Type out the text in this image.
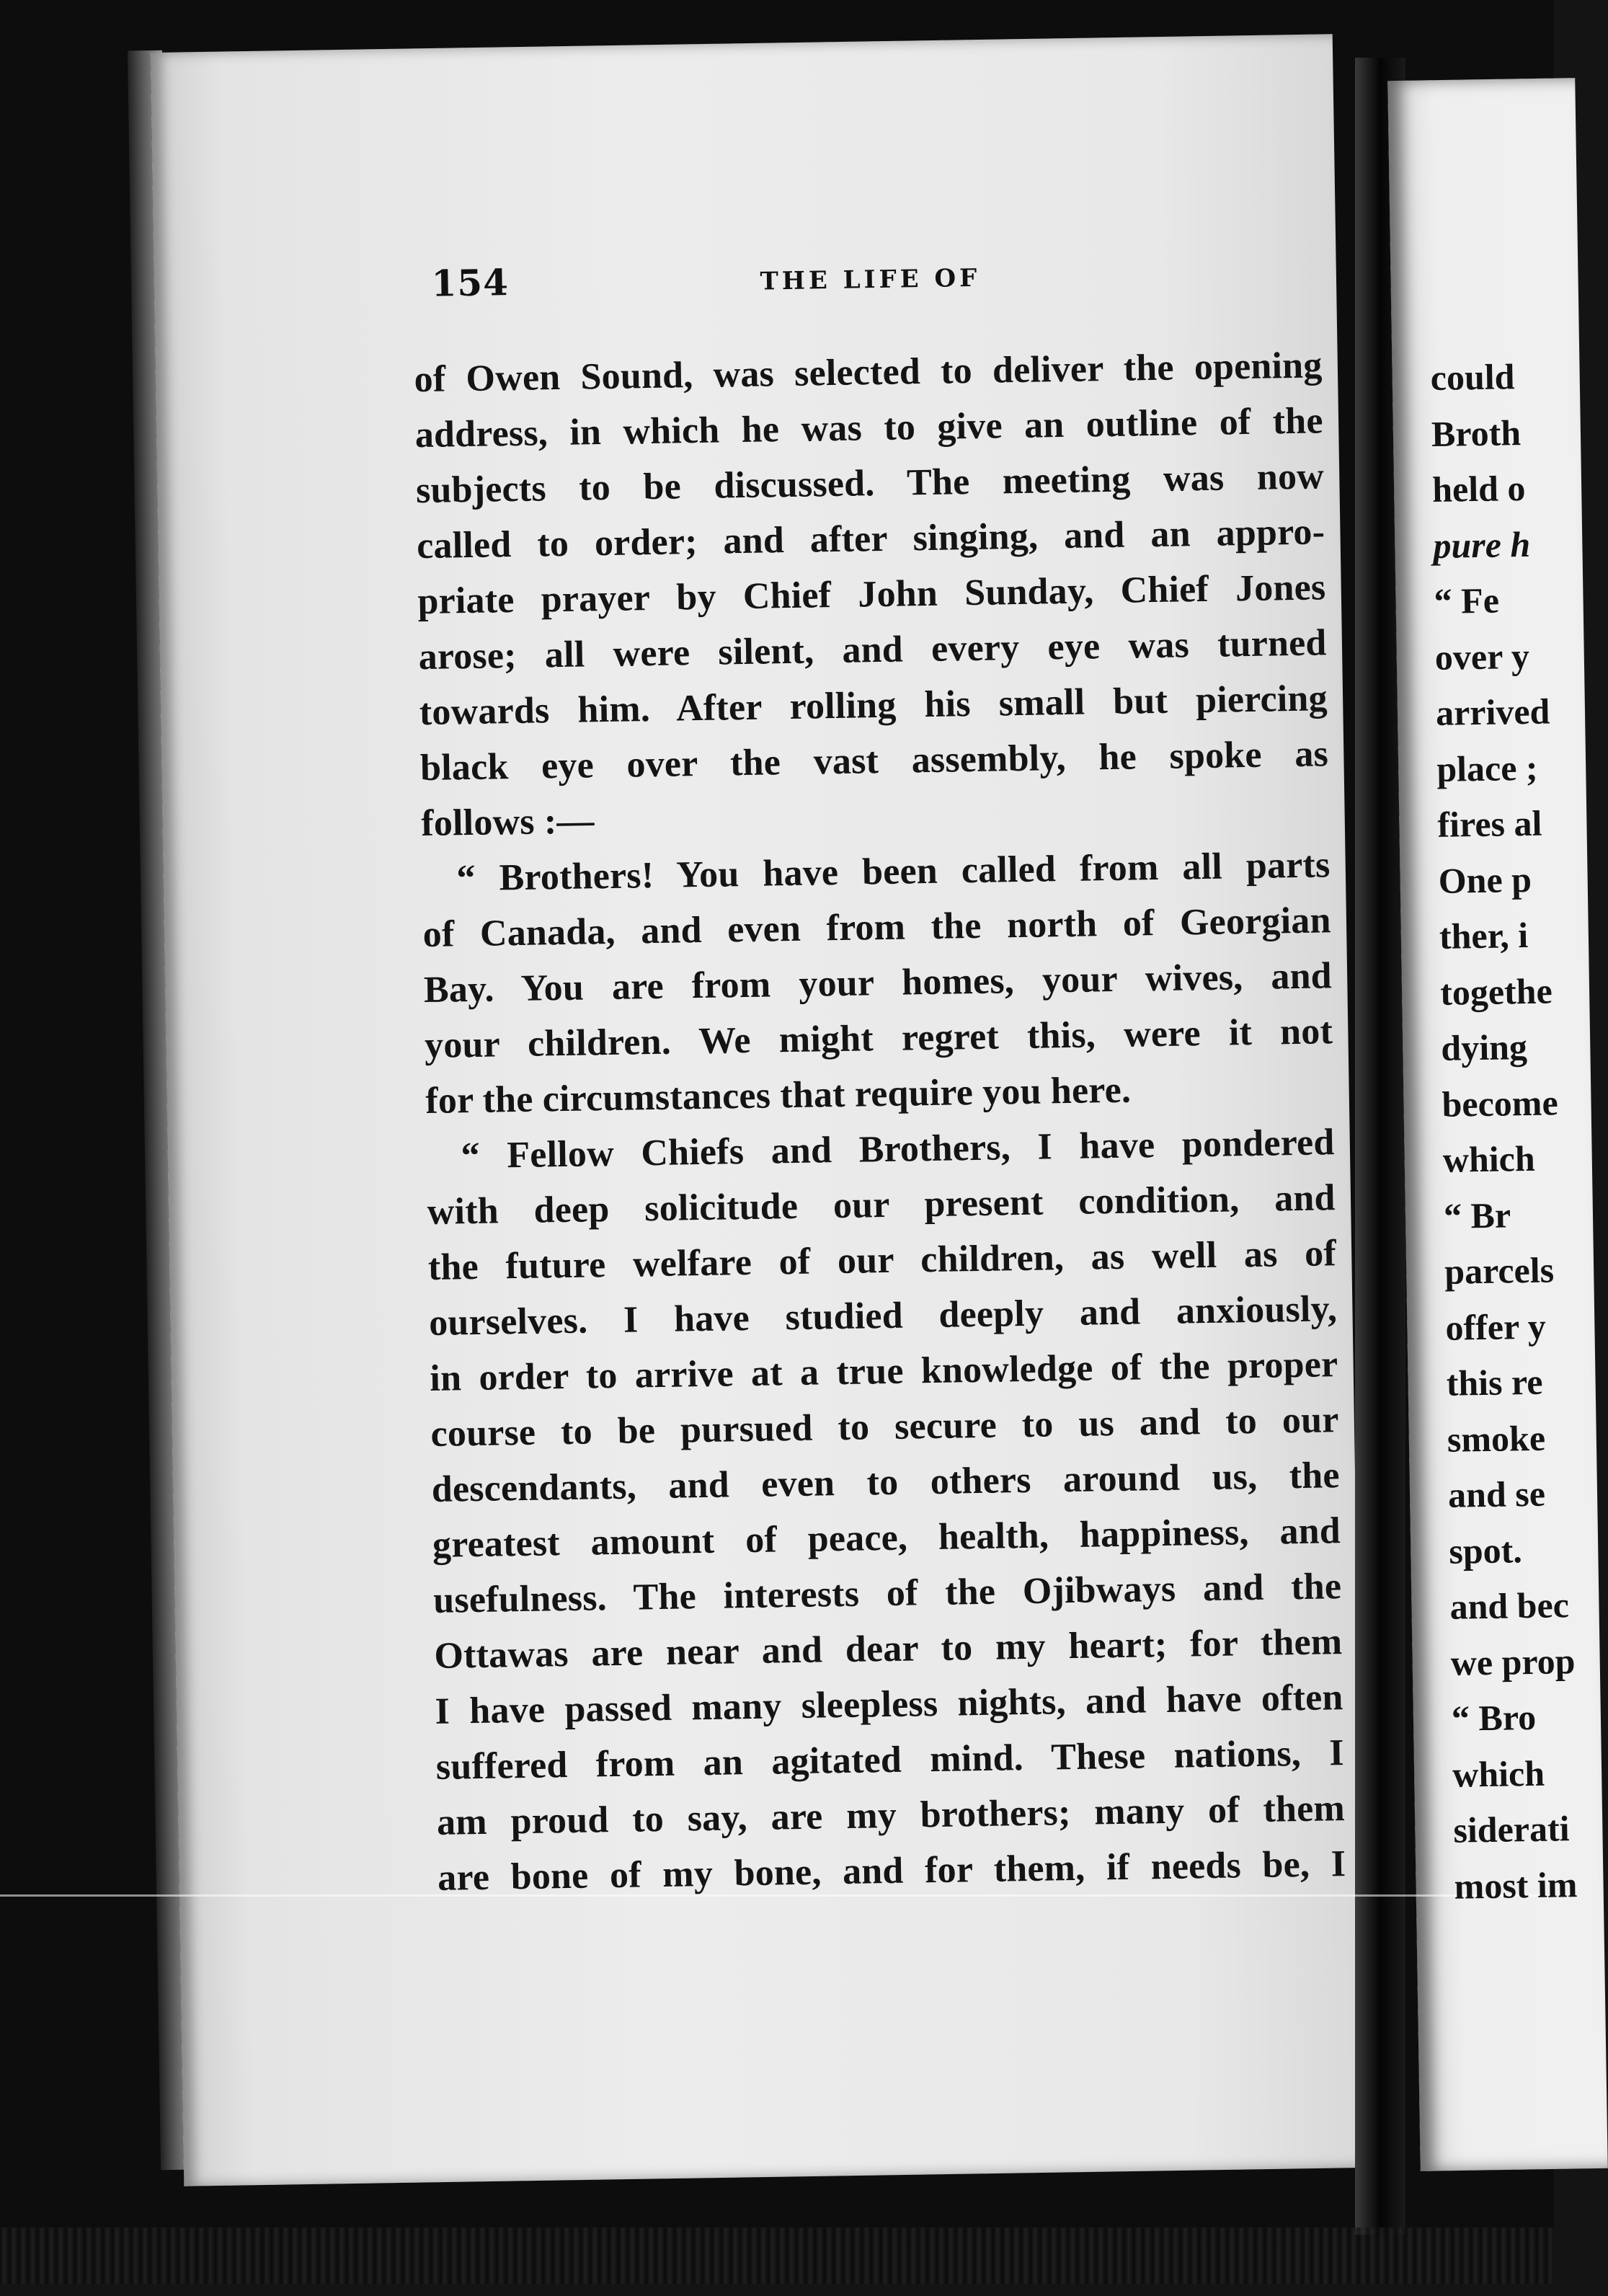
154	THE LIFE OF
of Owen Sound, was selected to deliver the opening
address, in which he was to give an outline of the
subjects to be discussed. The meeting was now
called to order; and after singing, and an appro-
priate prayer by Chief John Sunday, Chief Jones
arose; all were silent, and every eye was turned
towards him. After rolling his small but piercing
black eye over the vast assembly, he spoke as
follows :—
“ Brothers! You have been called from all parts
of Canada, and even from the north of Georgian
Bay. You are from your homes, your wives, and
your children. We might regret this, were it not
for the circumstances that require you here.
“ Fellow Chiefs and Brothers, I have pondered
with deep solicitude our present condition, and
the future welfare of our children, as well as of
ourselves. I have studied deeply and anxiously,
in order to arrive at a true knowledge of the proper
course to be pursued to secure to us and to our
descendants, and even to others around us, the
greatest amount of peace, health, happiness, and
usefulness. The interests of the Ojibways and the
Ottawas are near and dear to my heart; for them
I have passed many sleepless nights, and have often
suffered from an agitated mind. These nations, I
am proud to say, are my brothers; many of them
are bone of my bone, and for them, if needs be, I
could
Broth
held o
pure h
“ Fe
over y
arrived
place ;
fires al
One p
ther, i
togethe
dying
become
which
“ Br
parcels
offer y
this re
smoke
and se
spot.
and bec
we prop
“ Bro
which
siderati
most im
